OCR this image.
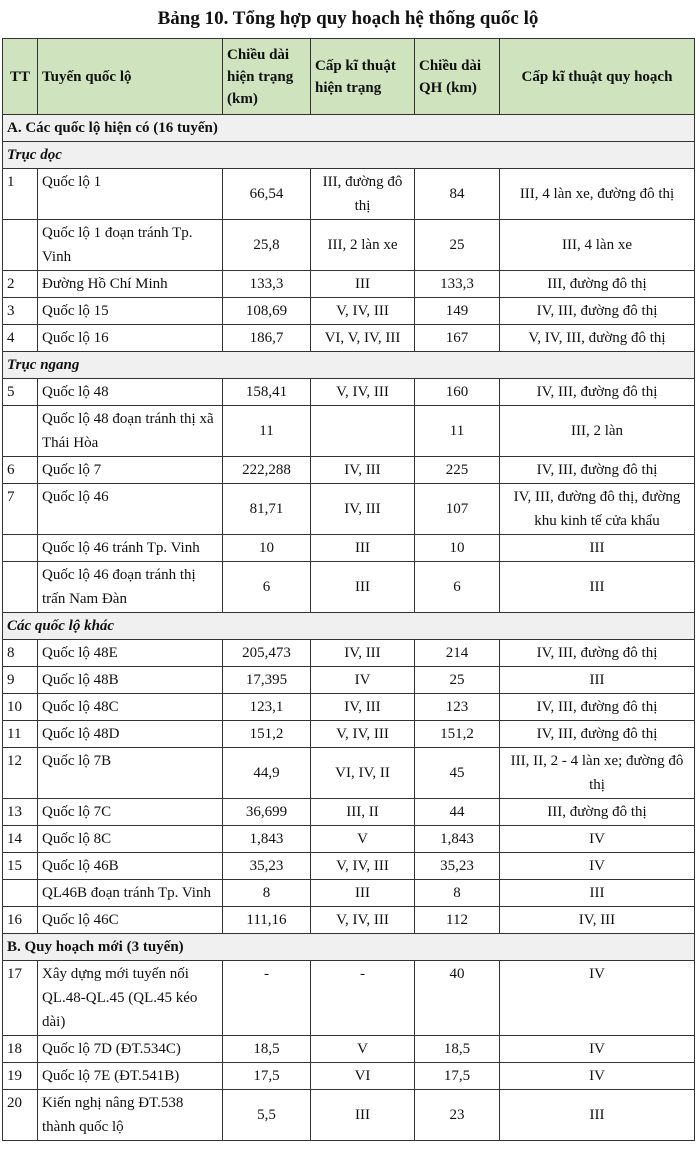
Bảng 10. Tổng hợp quy hoạch hệ thống quốc lộ
TT	Tuyến quốc lộ	Chiều dài hiện trạng (km)	Cấp kĩ thuật hiện trạng	Chiều dài QH (km)	Cấp kĩ thuật quy hoạch
A. Các quốc lộ hiện có (16 tuyến)					
Trục dọc					
1	Quốc lộ 1	66,54	III, đường đô thị	84	III, 4 làn xe, đường đô thị
	Quốc lộ 1 đoạn tránh Tp. Vinh	25,8	III, 2 làn xe	25	III, 4 làn xe
2	Đường Hồ Chí Minh	133,3	III	133,3	III, đường đô thị
3	Quốc lộ 15	108,69	V, IV, III	149	IV, III, đường đô thị
4	Quốc lộ 16	186,7	VI, V, IV, III	167	V, IV, III, đường đô thị
Trục ngang					
5	Quốc lộ 48	158,41	V, IV, III	160	IV, III, đường đô thị
	Quốc lộ 48 đoạn tránh thị xã Thái Hòa	11		11	III, 2 làn
6	Quốc lộ 7	222,288	IV, III	225	IV, III, đường đô thị
7	Quốc lộ 46	81,71	IV, III	107	IV, III, đường đô thị, đường khu kinh tế cửa khẩu
	Quốc lộ 46 tránh Tp. Vinh	10	III	10	III
	Quốc lộ 46 đoạn tránh thị trấn Nam Đàn	6	III	6	III
Các quốc lộ khác					
8	Quốc lộ 48E	205,473	IV, III	214	IV, III, đường đô thị
9	Quốc lộ 48B	17,395	IV	25	III
10	Quốc lộ 48C	123,1	IV, III	123	IV, III, đường đô thị
11	Quốc lộ 48D	151,2	V, IV, III	151,2	IV, III, đường đô thị
12	Quốc lộ 7B	44,9	VI, IV, II	45	III, II, 2 - 4 làn xe; đường đô thị
13	Quốc lộ 7C	36,699	III, II	44	III, đường đô thị
14	Quốc lộ 8C	1,843	V	1,843	IV
15	Quốc lộ 46B	35,23	V, IV, III	35,23	IV
	QL46B đoạn tránh Tp. Vinh	8	III	8	III
16	Quốc lộ 46C	111,16	V, IV, III	112	IV, III
B. Quy hoạch mới (3 tuyến)					
17	Xây dựng mới tuyến nối QL.48-QL.45 (QL.45 kéo dài)	-	-	40	IV
18	Quốc lộ 7D (ĐT.534C)	18,5	V	18,5	IV
19	Quốc lộ 7E (ĐT.541B)	17,5	VI	17,5	IV
20	Kiến nghị nâng ĐT.538 thành quốc lộ	5,5	III	23	III
